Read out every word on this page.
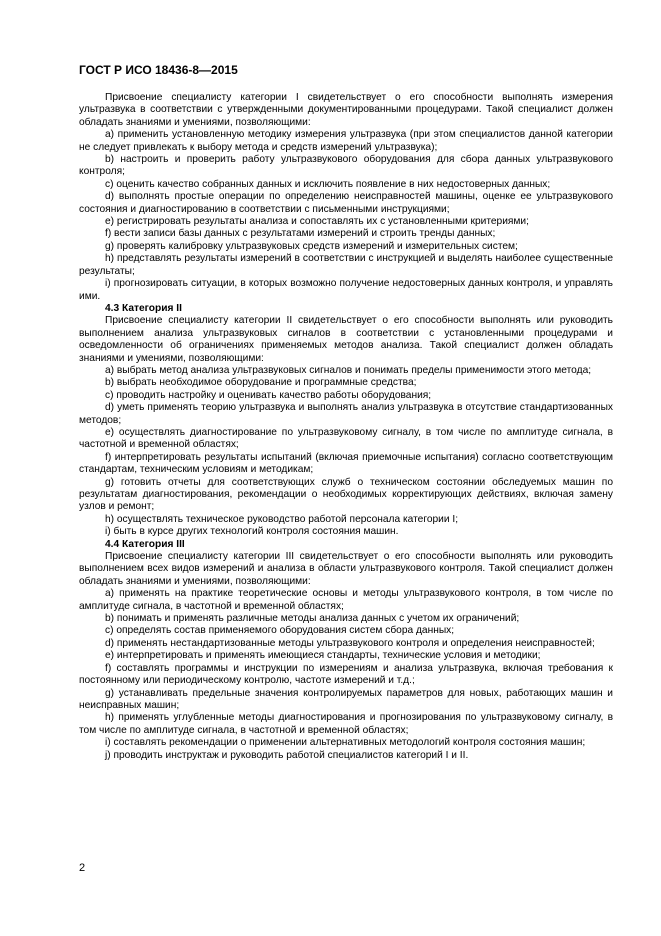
ГОСТ Р ИСО 18436-8—2015

Присвоение специалисту категории I свидетельствует о его способности выполнять измерения ультразвука в соответствии с утвержденными документированными процедурами. Такой специалист должен обладать знаниями и умениями, позволяющими:

a) применить установленную методику измерения ультразвука (при этом специалистов данной категории не следует привлекать к выбору метода и средств измерений ультразвука);

b) настроить и проверить работу ультразвукового оборудования для сбора данных ультразвукового контроля;

c) оценить качество собранных данных и исключить появление в них недостоверных данных;

d) выполнять простые операции по определению неисправностей машины, оценке ее ультразвукового состояния и диагностированию в соответствии с письменными инструкциями;

e) регистрировать результаты анализа и сопоставлять их с установленными критериями;

f) вести записи базы данных с результатами измерений и строить тренды данных;

g) проверять калибровку ультразвуковых средств измерений и измерительных систем;

h) представлять результаты измерений в соответствии с инструкцией и выделять наиболее существенные результаты;

i) прогнозировать ситуации, в которых возможно получение недостоверных данных контроля, и управлять ими.

4.3 Категория II

Присвоение специалисту категории II свидетельствует о его способности выполнять или руководить выполнением анализа ультразвуковых сигналов в соответствии с установленными процедурами и осведомленности об ограничениях применяемых методов анализа. Такой специалист должен обладать знаниями и умениями, позволяющими:

a) выбрать метод анализа ультразвуковых сигналов и понимать пределы применимости этого метода;

b) выбрать необходимое оборудование и программные средства;

c) проводить настройку и оценивать качество работы оборудования;

d) уметь применять теорию ультразвука и выполнять анализ ультразвука в отсутствие стандартизованных методов;

e) осуществлять диагностирование по ультразвуковому сигналу, в том числе по амплитуде сигнала, в частотной и временной областях;

f) интерпретировать результаты испытаний (включая приемочные испытания) согласно соответствующим стандартам, техническим условиям и методикам;

g) готовить отчеты для соответствующих служб о техническом состоянии обследуемых машин по результатам диагностирования, рекомендации о необходимых корректирующих действиях, включая замену узлов и ремонт;

h) осуществлять техническое руководство работой персонала категории I;

i) быть в курсе других технологий контроля состояния машин.

4.4 Категория III

Присвоение специалисту категории III свидетельствует о его способности выполнять или руководить выполнением всех видов измерений и анализа в области ультразвукового контроля. Такой специалист должен обладать знаниями и умениями, позволяющими:

a) применять на практике теоретические основы и методы ультразвукового контроля, в том числе по амплитуде сигнала, в частотной и временной областях;

b) понимать и применять различные методы анализа данных с учетом их ограничений;

c) определять состав применяемого оборудования систем сбора данных;

d) применять нестандартизованные методы ультразвукового контроля и определения неисправностей;

e) интерпретировать и применять имеющиеся стандарты, технические условия и методики;

f) составлять программы и инструкции по измерениям и анализа ультразвука, включая требования к постоянному или периодическому контролю, частоте измерений и т.д.;

g) устанавливать предельные значения контролируемых параметров для новых, работающих машин и неисправных машин;

h) применять углубленные методы диагностирования и прогнозирования по ультразвуковому сигналу, в том числе по амплитуде сигнала, в частотной и временной областях;

i) составлять рекомендации о применении альтернативных методологий контроля состояния машин;

j) проводить инструктаж и руководить работой специалистов категорий I и II.

2
